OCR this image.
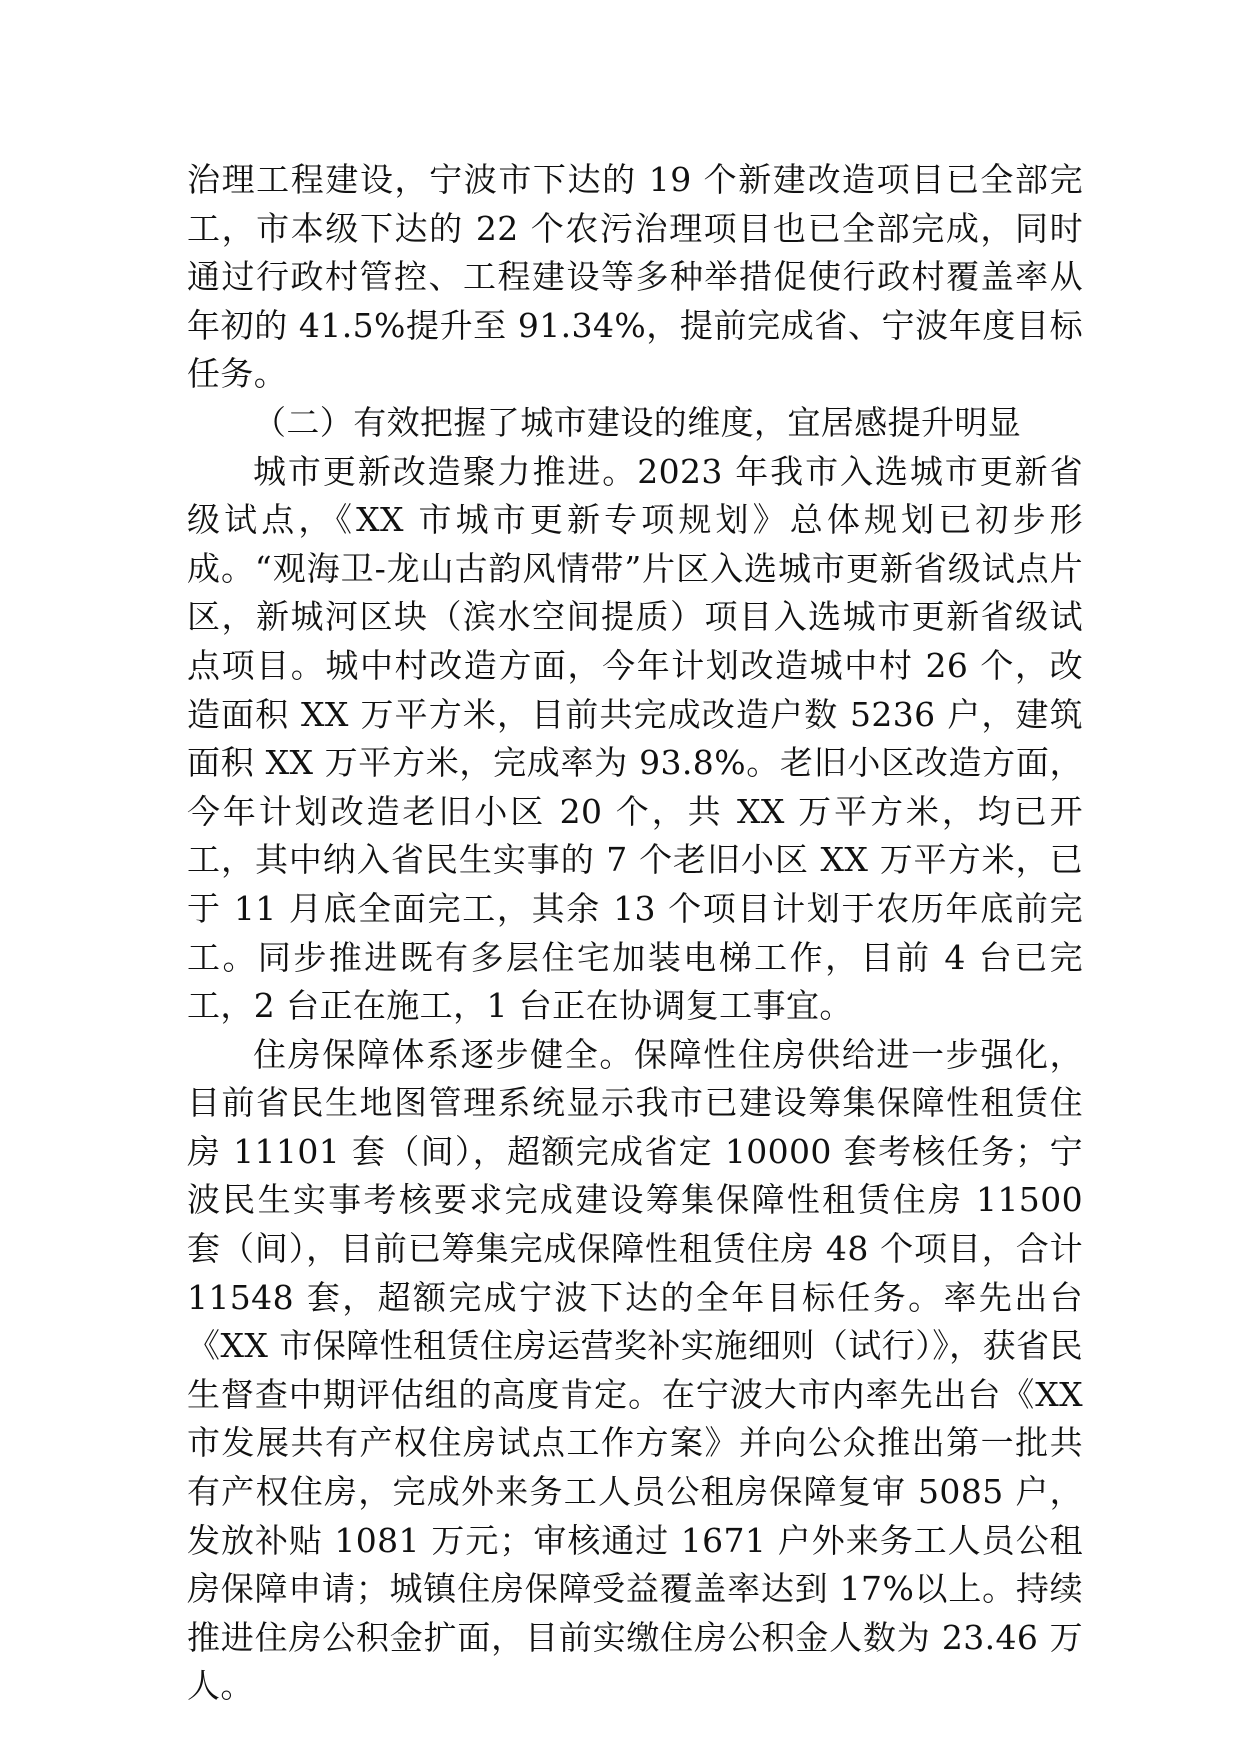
治理工程建设，宁波市下达的 19 个新建改造项目已全部完工，市本级下达的 22 个农污治理项目也已全部完成，同时通过行政村管控、工程建设等多种举措促使行政村覆盖率从年初的 41.5%提升至 91.34%，提前完成省、宁波年度目标任务。

（二）有效把握了城市建设的维度，宜居感提升明显

城市更新改造聚力推进。2023 年我市入选城市更新省级试点，《XX 市城市更新专项规划》总体规划已初步形成。“观海卫-龙山古韵风情带”片区入选城市更新省级试点片区，新城河区块（滨水空间提质）项目入选城市更新省级试点项目。城中村改造方面，今年计划改造城中村 26 个，改造面积 XX 万平方米，目前共完成改造户数 5236 户，建筑面积 XX 万平方米，完成率为 93.8%。老旧小区改造方面，今年计划改造老旧小区 20 个，共 XX 万平方米，均已开工，其中纳入省民生实事的 7 个老旧小区 XX 万平方米，已于 11 月底全面完工，其余 13 个项目计划于农历年底前完工。同步推进既有多层住宅加装电梯工作，目前 4 台已完工，2 台正在施工，1 台正在协调复工事宜。

住房保障体系逐步健全。保障性住房供给进一步强化，目前省民生地图管理系统显示我市已建设筹集保障性租赁住房 11101 套（间），超额完成省定 10000 套考核任务；宁波民生实事考核要求完成建设筹集保障性租赁住房 11500 套（间），目前已筹集完成保障性租赁住房 48 个项目，合计 11548 套，超额完成宁波下达的全年目标任务。率先出台《XX 市保障性租赁住房运营奖补实施细则（试行）》，获省民生督查中期评估组的高度肯定。在宁波大市内率先出台《XX 市发展共有产权住房试点工作方案》并向公众推出第一批共有产权住房，完成外来务工人员公租房保障复审 5085 户，发放补贴 1081 万元；审核通过 1671 户外来务工人员公租房保障申请；城镇住房保障受益覆盖率达到 17%以上。持续推进住房公积金扩面，目前实缴住房公积金人数为 23.46 万人。
